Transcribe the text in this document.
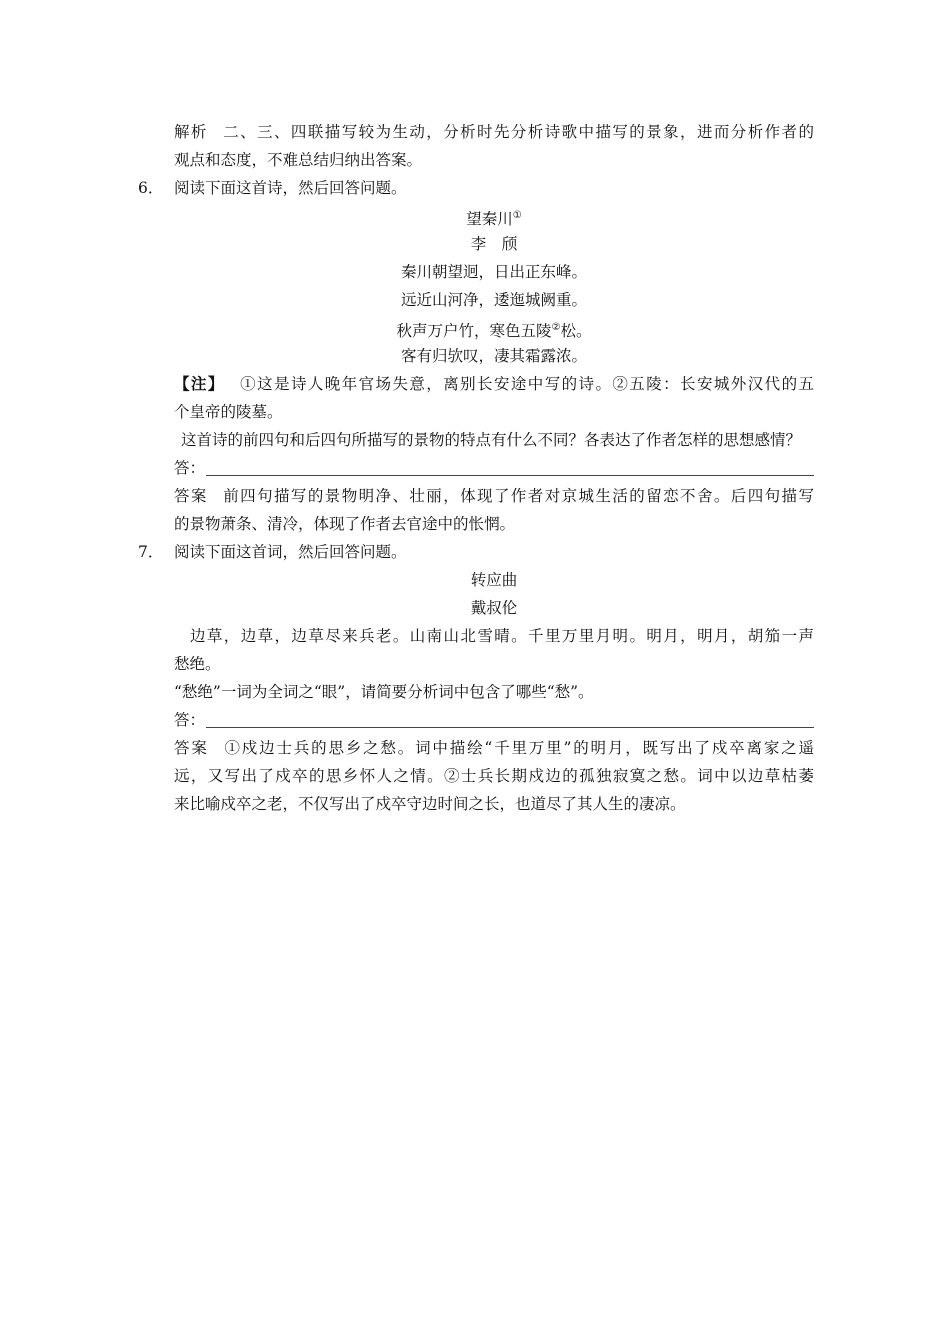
解析 二、三、四联描写较为生动，分析时先分析诗歌中描写的景象，进而分析作者的
观点和态度，不难总结归纳出答案。
6． 阅读下面这首诗，然后回答问题。
望秦川①
李　颀
秦川朝望迥，日出正东峰。
远近山河净，逶迤城阙重。
秋声万户竹，寒色五陵②松。
客有归欤叹，凄其霜露浓。
【注】 ①这是诗人晚年官场失意，离别长安途中写的诗。②五陵：长安城外汉代的五
个皇帝的陵墓。
这首诗的前四句和后四句所描写的景物的特点有什么不同？各表达了作者怎样的思想感情？
答：
答案 前四句描写的景物明净、壮丽，体现了作者对京城生活的留恋不舍。后四句描写
的景物萧条、清冷，体现了作者去官途中的怅惘。
7． 阅读下面这首词，然后回答问题。
转应曲
戴叔伦
边草，边草，边草尽来兵老。山南山北雪晴。千里万里月明。明月，明月，胡笳一声
愁绝。
“愁绝”一词为全词之“眼”，请简要分析词中包含了哪些“愁”。
答：
答案 ①戍边士兵的思乡之愁。词中描绘“千里万里”的明月，既写出了戍卒离家之遥
远，又写出了戍卒的思乡怀人之情。②士兵长期戍边的孤独寂寞之愁。词中以边草枯萎
来比喻戍卒之老，不仅写出了戍卒守边时间之长，也道尽了其人生的凄凉。
